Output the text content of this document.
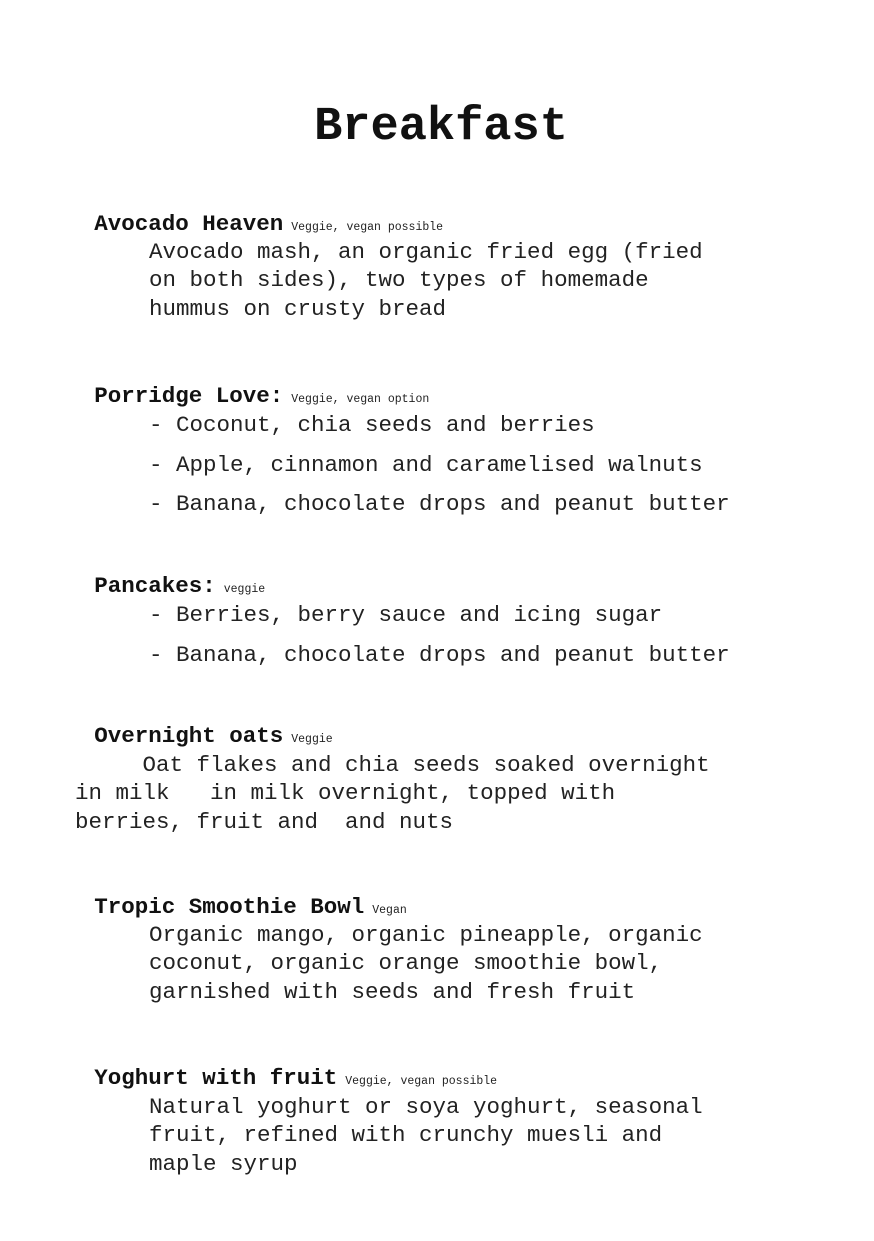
Breakfast

Avocado Heaven Veggie, vegan possible

Avocado mash, an organic fried egg (fried
on both sides), two types of homemade
hummus on crusty bread

Porridge Love: Veggie, vegan option

- Coconut, chia seeds and berries
- Apple, cinnamon and caramelised walnuts
- Banana, chocolate drops and peanut butter

Pancakes: veggie

- Berries, berry sauce and icing sugar
- Banana, chocolate drops and peanut butter

Overnight oats Veggie

Oat flakes and chia seeds soaked overnight
in milk   in milk overnight, topped with
berries, fruit and  and nuts

Tropic Smoothie Bowl Vegan

Organic mango, organic pineapple, organic
coconut, organic orange smoothie bowl,
garnished with seeds and fresh fruit

Yoghurt with fruit Veggie, vegan possible

Natural yoghurt or soya yoghurt, seasonal
fruit, refined with crunchy muesli and
maple syrup
